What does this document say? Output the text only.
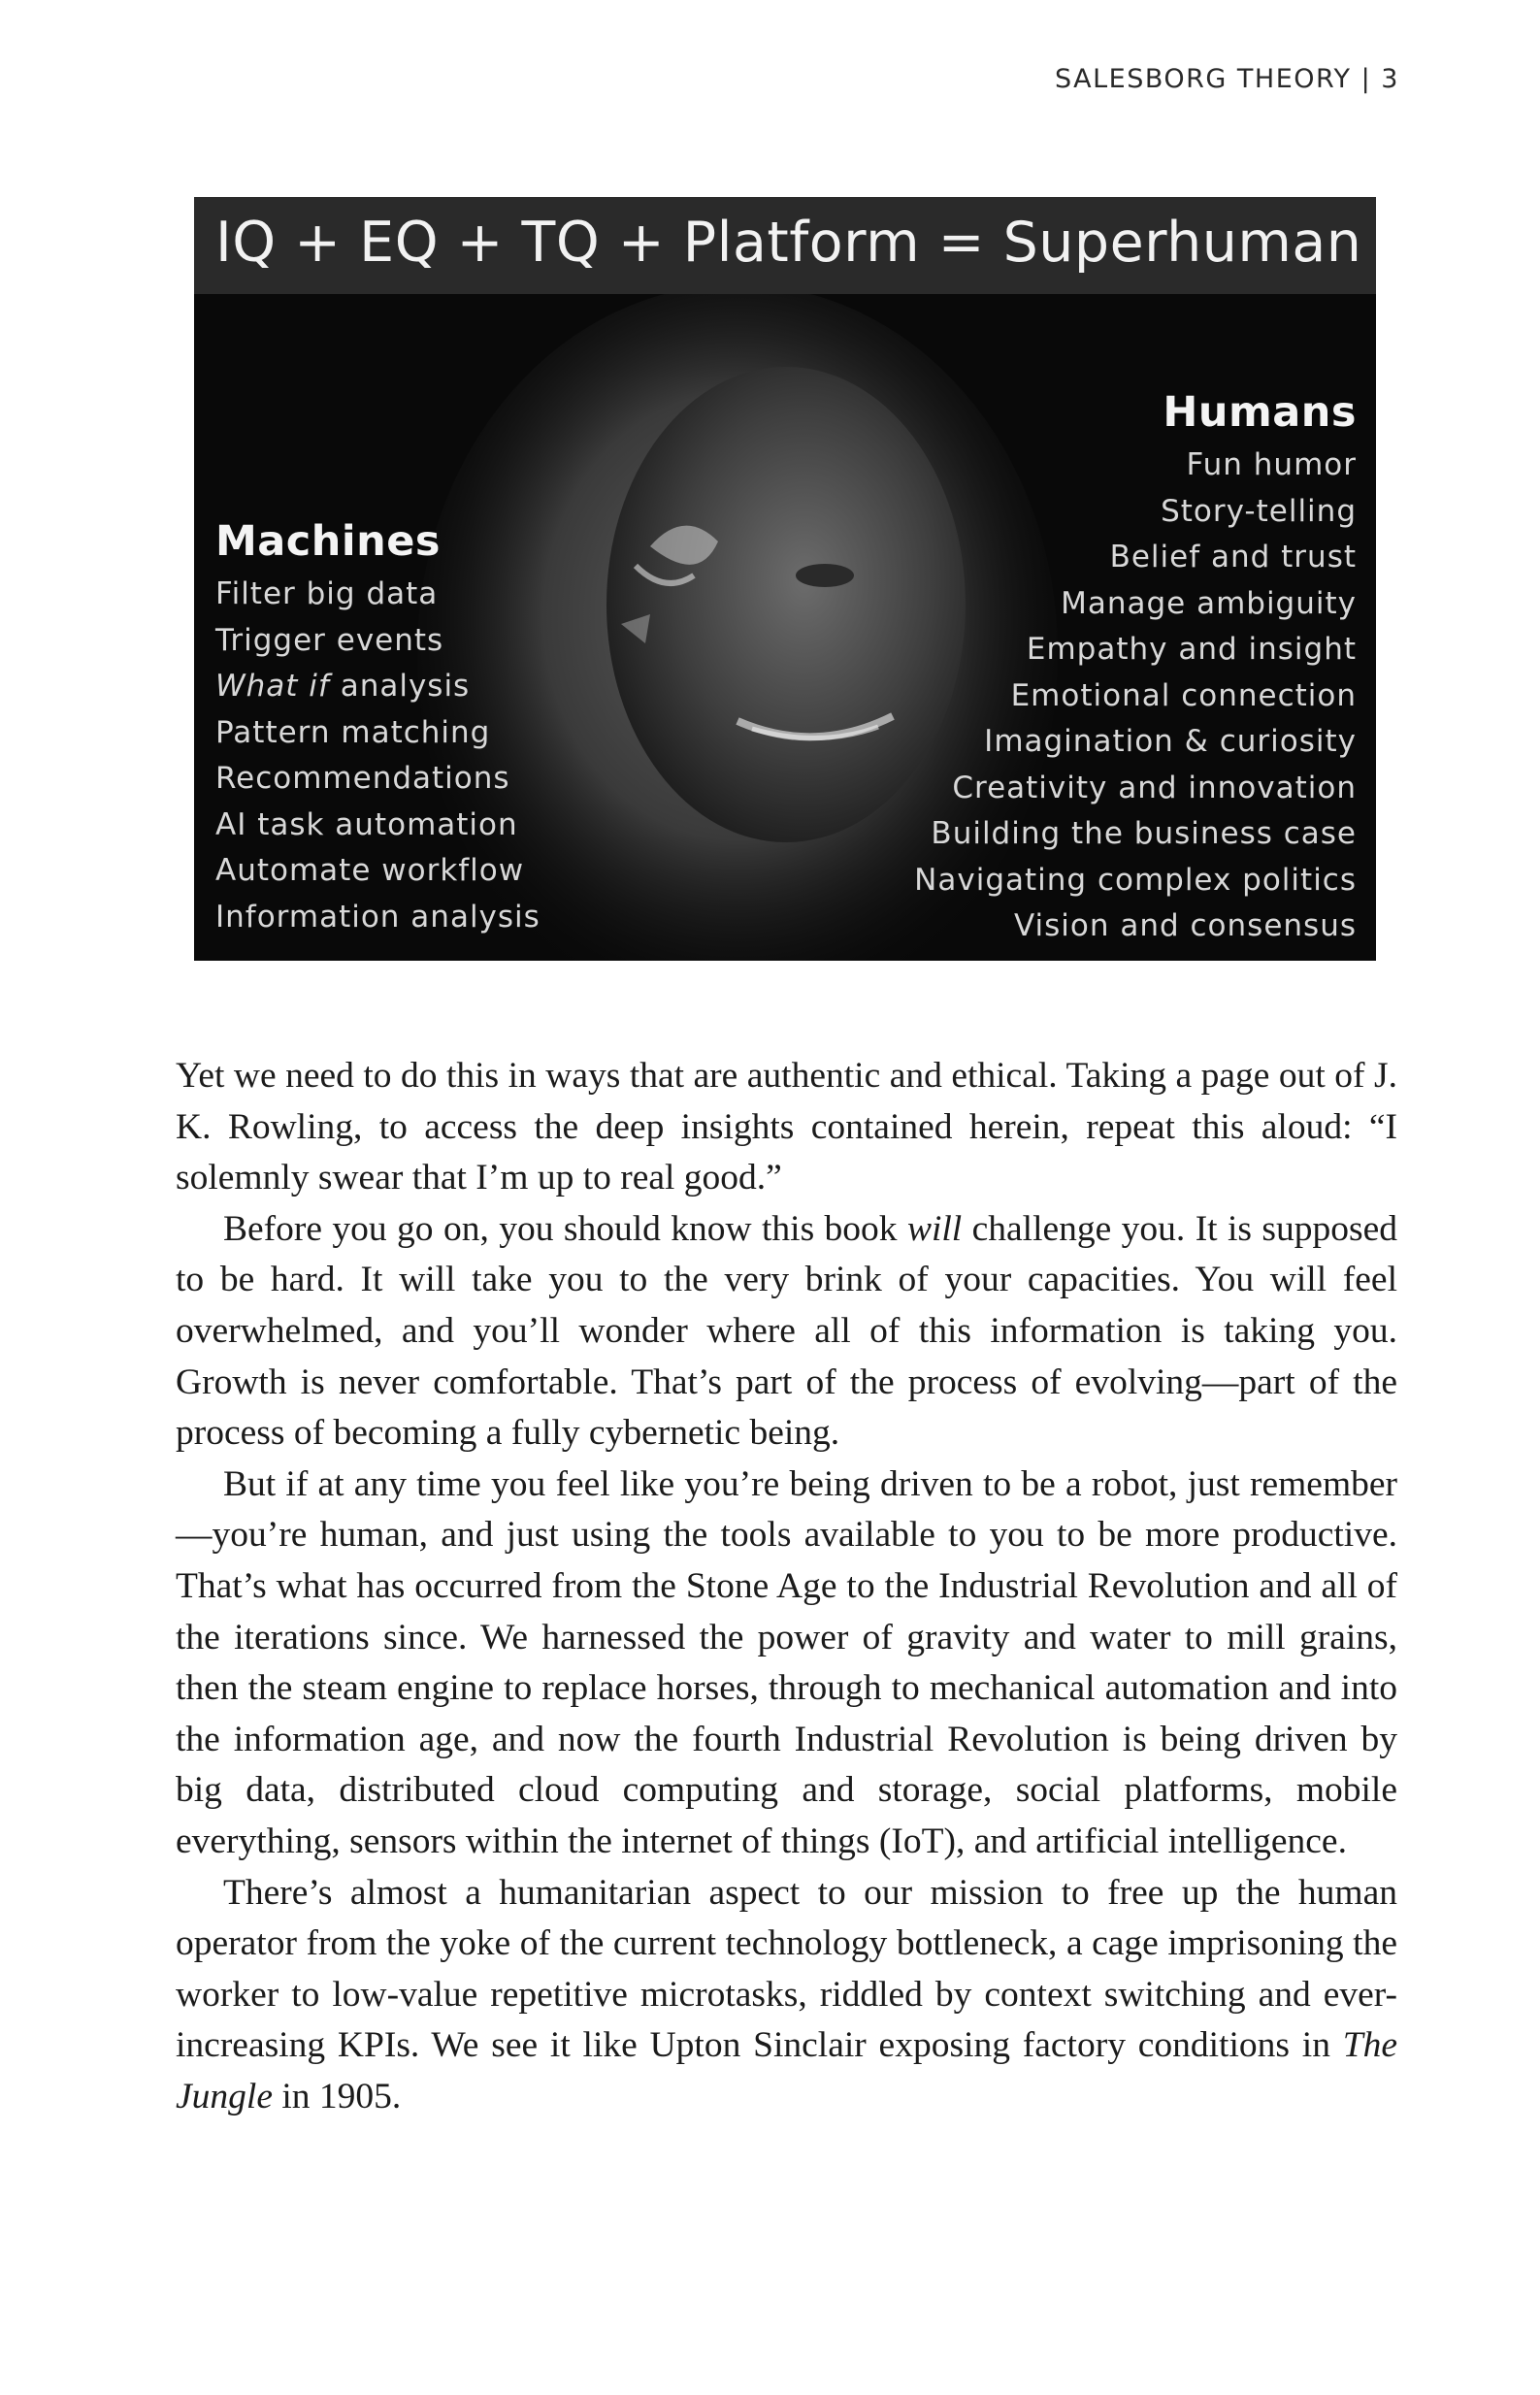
SALESBORG THEORY | 3
IQ + EQ + TQ + Platform = Superhuman
Machines
Filter big data
Trigger events
What if analysis
Pattern matching
Recommendations
AI task automation
Automate workflow
Information analysis
Humans
Fun humor
Story-telling
Belief and trust
Manage ambiguity
Empathy and insight
Emotional connection
Imagination & curiosity
Creativity and innovation
Building the business case
Navigating complex politics
Vision and consensus

Yet we need to do this in ways that are authentic and ethical. Taking a page out of J. K. Rowling, to access the deep insights contained herein, repeat this aloud: “I solemnly swear that I’m up to real good.”

Before you go on, you should know this book will challenge you. It is supposed to be hard. It will take you to the very brink of your capacities. You will feel overwhelmed, and you’ll wonder where all of this information is taking you. Growth is never comfortable. That’s part of the process of evolving—part of the process of becoming a fully cybernetic being.

But if at any time you feel like you’re being driven to be a robot, just remember—you’re human, and just using the tools available to you to be more productive. That’s what has occurred from the Stone Age to the Industrial Revolution and all of the iterations since. We harnessed the power of gravity and water to mill grains, then the steam engine to replace horses, through to mechanical automation and into the information age, and now the fourth Industrial Revolution is being driven by big data, distributed cloud computing and storage, social platforms, mobile everything, sensors within the internet of things (IoT), and artificial intelligence.

There’s almost a humanitarian aspect to our mission to free up the human operator from the yoke of the current technology bottleneck, a cage imprisoning the worker to low-value repetitive microtasks, riddled by context switching and ever-increasing KPIs. We see it like Upton Sinclair exposing factory conditions in The Jungle in 1905.
